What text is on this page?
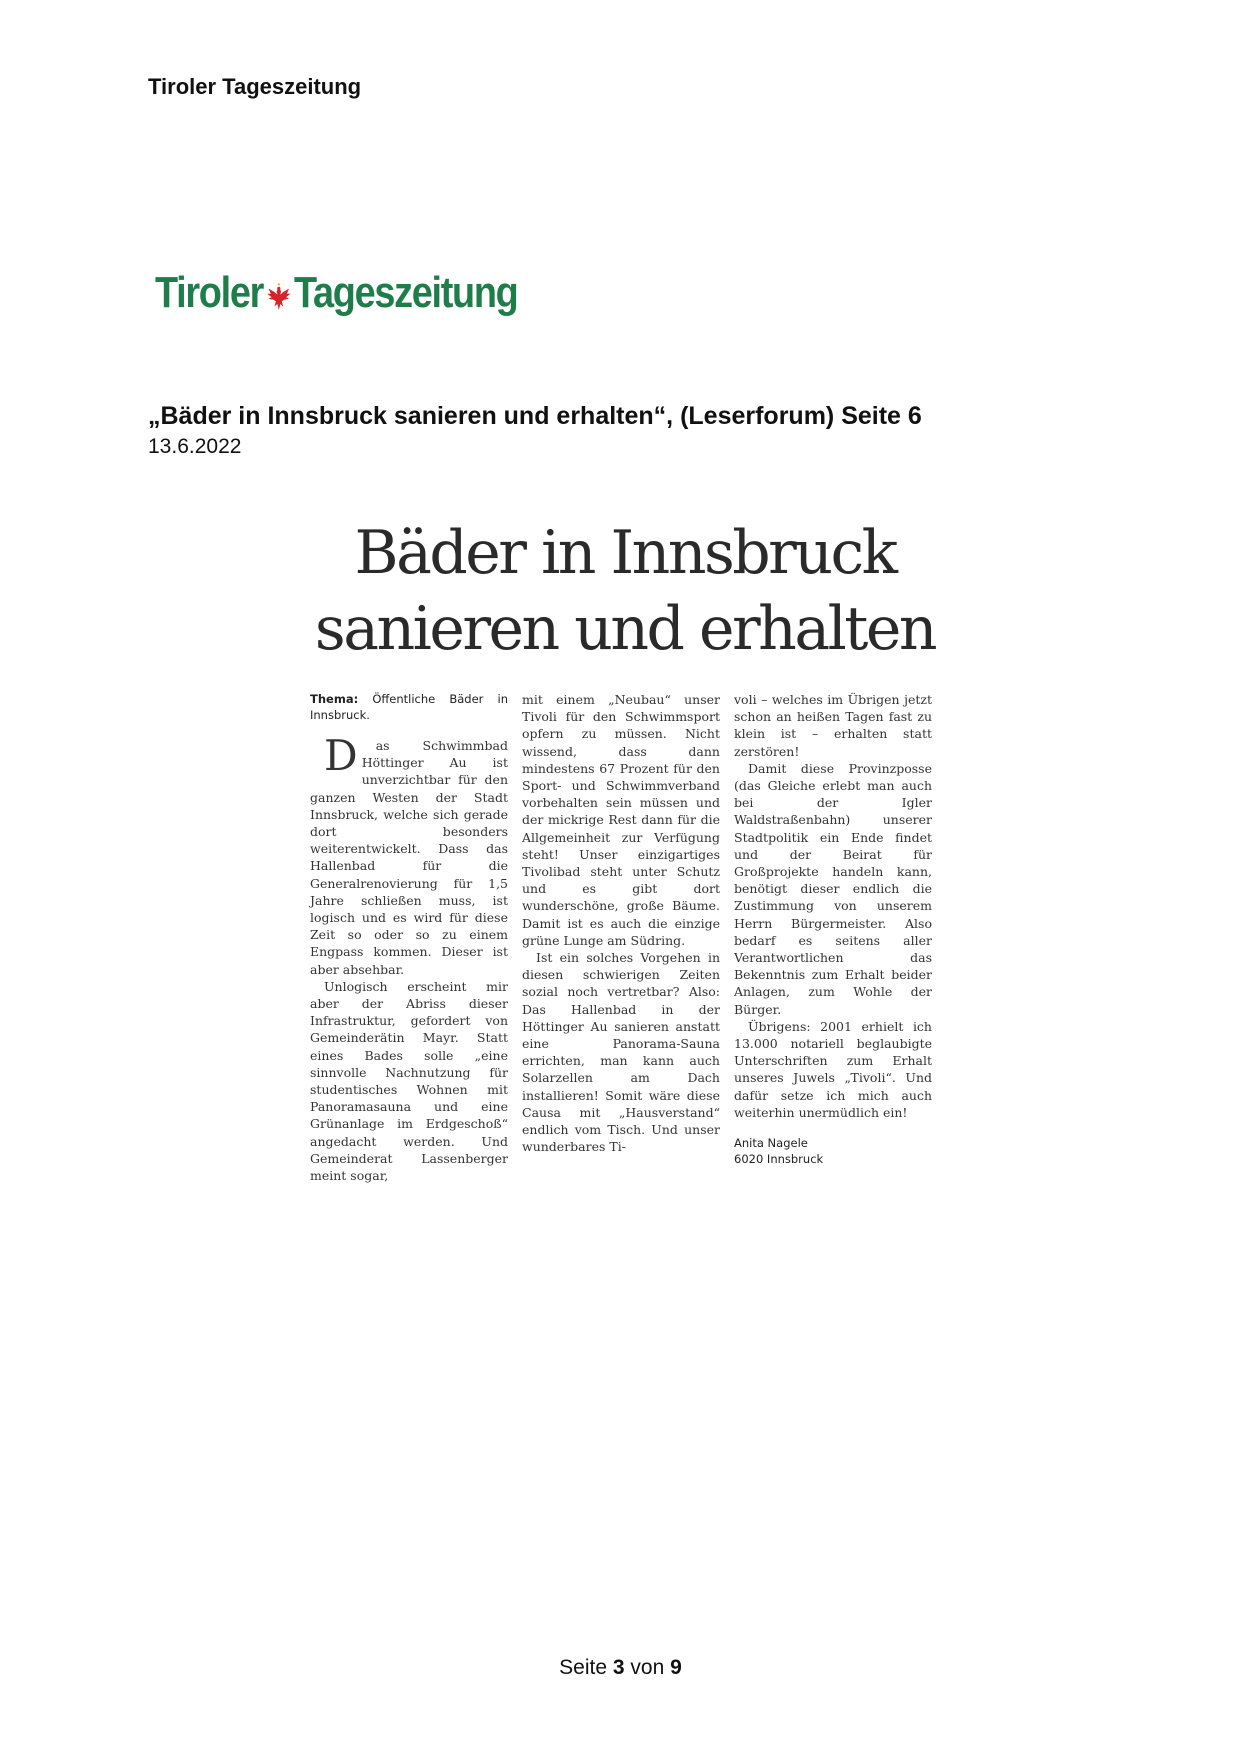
Tiroler Tageszeitung
Tiroler Tageszeitung
„Bäder in Innsbruck sanieren und erhalten“, (Leserforum) Seite 6
13.6.2022
Bäder in Innsbruck
sanieren und erhalten

Thema: Öffentliche Bäder in Innsbruck.

D as Schwimmbad Höttinger Au ist unverzichtbar für den ganzen Westen der Stadt Innsbruck, welche sich gerade dort besonders weiterentwickelt. Dass das Hallenbad für die Generalrenovierung für 1,5 Jahre schließen muss, ist logisch und es wird für diese Zeit so oder so zu einem Engpass kommen. Dieser ist aber absehbar.

Unlogisch erscheint mir aber der Abriss dieser Infrastruktur, gefordert von Gemeinderätin Mayr. Statt eines Bades solle „eine sinnvolle Nachnutzung für studentisches Wohnen mit Panoramasauna und eine Grünanlage im Erdgeschoß“ angedacht werden. Und Gemeinderat Lassenberger meint sogar,

mit einem „Neubau“ unser Tivoli für den Schwimmsport opfern zu müssen. Nicht wissend, dass dann mindestens 67 Prozent für den Sport- und Schwimmverband vorbehalten sein müssen und der mickrige Rest dann für die Allgemeinheit zur Verfügung steht! Unser einzigartiges Tivolibad steht unter Schutz und es gibt dort wunderschöne, große Bäume. Damit ist es auch die einzige grüne Lunge am Südring.

Ist ein solches Vorgehen in diesen schwierigen Zeiten sozial noch vertretbar? Also: Das Hallenbad in der Höttinger Au sanieren anstatt eine Panorama-Sauna errichten, man kann auch Solarzellen am Dach installieren! Somit wäre diese Causa mit „Hausverstand“ endlich vom Tisch. Und unser wunderbares Ti-

voli – welches im Übrigen jetzt schon an heißen Tagen fast zu klein ist – erhalten statt zerstören!

Damit diese Provinzposse (das Gleiche erlebt man auch bei der Igler Waldstraßenbahn) unserer Stadtpolitik ein Ende findet und der Beirat für Großprojekte handeln kann, benötigt dieser endlich die Zustimmung von unserem Herrn Bürgermeister. Also bedarf es seitens aller Verantwortlichen das Bekenntnis zum Erhalt beider Anlagen, zum Wohle der Bürger.

Übrigens: 2001 erhielt ich 13.000 notariell beglaubigte Unterschriften zum Erhalt unseres Juwels „Tivoli“. Und dafür setze ich mich auch weiterhin unermüdlich ein!

Anita Nagele
6020 Innsbruck

Seite 3 von 9
